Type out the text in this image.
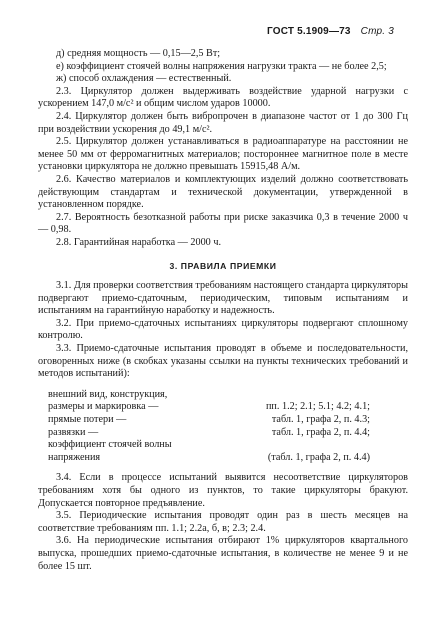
ГОСТ 5.1909—73 Стр. 3

д) средняя мощность — 0,15—2,5 Вт;

е) коэффициент стоячей волны напряжения нагрузки тракта — не более 2,5;

ж) способ охлаждения — естественный.

2.3. Циркулятор должен выдерживать воздействие ударной нагрузки с ускорением 147,0 м/с² и общим числом ударов 10000.

2.4. Циркулятор должен быть вибропрочен в диапазоне частот от 1 до 300 Гц при воздействии ускорения до 49,1 м/с².

2.5. Циркулятор должен устанавливаться в радиоаппаратуре на расстоянии не менее 50 мм от ферромагнитных материалов; постороннее магнитное поле в месте установки циркулятора не должно превышать 15915,48 А/м.

2.6. Качество материалов и комплектующих изделий должно соответствовать действующим стандартам и технической документации, утвержденной в установленном порядке.

2.7. Вероятность безотказной работы при риске заказчика 0,3 в течение 2000 ч — 0,98.

2.8. Гарантийная наработка — 2000 ч.

3. ПРАВИЛА ПРИЕМКИ

3.1. Для проверки соответствия требованиям настоящего стандарта циркуляторы подвергают приемо-сдаточным, периодическим, типовым испытаниям и испытаниям на гарантийную наработку и надежность.

3.2. При приемо-сдаточных испытаниях циркуляторы подвергают сплошному контролю.

3.3. Приемо-сдаточные испытания проводят в объеме и последовательности, оговоренных ниже (в скобках указаны ссылки на пункты технических требований и методов испытаний):

внешний вид, конструкция,
размеры и маркировка —	пп. 1.2; 2.1; 5.1; 4.2; 4.1;
прямые потери —	табл. 1, графа 2, п. 4.3;
развязки —	табл. 1, графа 2, п. 4.4;
коэффициент стоячей волны
напряжения	(табл. 1, графа 2, п. 4.4)

3.4. Если в процессе испытаний выявится несоответствие циркуляторов требованиям хотя бы одного из пунктов, то такие циркуляторы бракуют. Допускается повторное предъявление.

3.5. Периодические испытания проводят один раз в шесть месяцев на соответствие требованиям пп. 1.1; 2.2а, б, в; 2.3; 2.4.

3.6. На периодические испытания отбирают 1% циркуляторов квартального выпуска, прошедших приемо-сдаточные испытания, в количестве не менее 9 и не более 15 шт.
